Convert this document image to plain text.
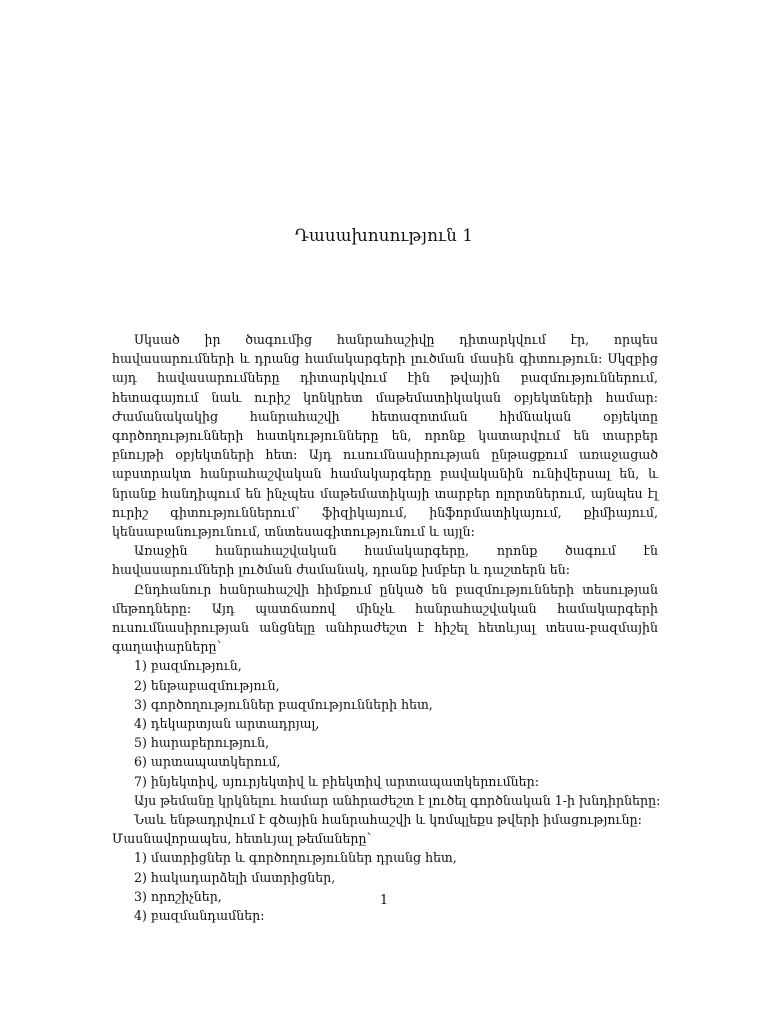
Դասախոսություն 1

Սկսած իր ծագումից հանրահաշիվը դիտարկվում էր, որպես հավասարումների և դրանց համակարգերի լուծման մասին գիտություն: Սկզբից այդ հավասարումները դիտարկվում էին թվային բազմություններում, հետագայում նաև ուրիշ կոնկրետ մաթեմատիկական օբյեկտների համար: Ժամանակակից հանրահաշվի հետազոտման հիմնական օբյեկտը գործողությունների հատկությունները են, որոնք կատարվում են տարբեր բնույթի օբյեկտների հետ: Այդ ուսումնասիրության ընթացքում առաջացած աբստրակտ հանրահաշվական համակարգերը բավականին ունիվերսալ են, և նրանք հանդիպում են ինչպես մաթեմատիկայի տարբեր ոլորտներում, այնպես էլ ուրիշ գիտություններում՝ ֆիզիկայում, ինֆորմատիկայում, քիմիայում, կենսաբանությունում, տնտեսագիտությունում և այլն:

Առաջին հանրահաշվական համակարգերը, որոնք ծագում էն հավասարումների լուծման ժամանակ, դրանք խմբեր և դաշտերն են:

Ընդհանուր հանրահաշվի հիմքում ընկած են բազմությունների տեսության մեթոդները: Այդ պատճառով մինչև հանրահաշվական համակարգերի ուսումնասիրության անցնելը անհրաժեշտ է հիշել հետևյալ տեսա-բազմային գաղափարները՝

1) բազմություն,

2) ենթաբազմություն,

3) գործողություններ բազմությունների հետ,

4) դեկարտյան արտադրյալ,

5) հարաբերություն,

6) արտապատկերում,

7) ինյեկտիվ, սյուրյեկտիվ և բիեկտիվ արտապատկերումներ:

Այս թեմանը կրկնելու համար անհրաժեշտ է լուծել գործնական 1-ի խնդիրները:

Նաև ենթադրվում է գծային հանրահաշվի և կոմպլեքս թվերի իմացությունը:

Մասնավորապես, հետևյալ թեմաները՝

1) մատրիցներ և գործողություններ դրանց հետ,

2) հակադարձելի մատրիցներ,

3) որոշիչներ,

4) բազմանդամներ:

1
